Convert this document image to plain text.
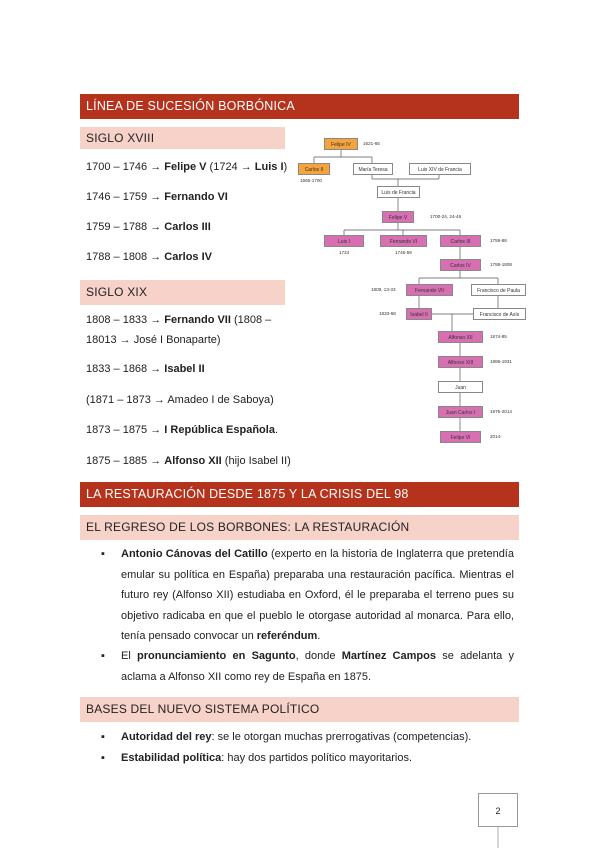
LÍNEA DE SUCESIÓN BORBÓNICA
SIGLO XVIII
1700 – 1746 → Felipe V (1724 → Luis I)
1746 – 1759 → Fernando VI
1759 – 1788 → Carlos III
1788 – 1808 → Carlos IV
SIGLO XIX
1808 – 1833 → Fernando VII (1808 –
18013 → José I Bonaparte)
1833 – 1868 → Isabel II
(1871 – 1873 → Amadeo I de Saboya)
1873 – 1875 → I República Española.
1875 – 1885 → Alfonso XII (hijo Isabel II)
Felipe IV	1621-65
Carlos II
1665-1700
María Teresa	Luis XIV de Francia
Luis de Francia
Felipe V	1700-24, 24-46
Luis I
1724
Fernando VI
1746-59
Carlos III	1759-88
Carlos IV	1788-1808
Fernando VII
1808, 13-33	Francisco de Paula
Isabel II
1833-68	Francisco de Asís
Alfonso XII	1874-85
Alfonso XIII	1886-1931
Juan
Juan Carlos I	1975-2014
Felipe VI	2014-
LA RESTAURACIÓN DESDE 1875 Y LA CRISIS DEL 98
EL REGRESO DE LOS BORBONES: LA RESTAURACIÓN
▪ Antonio Cánovas del Catillo (experto en la historia de Inglaterra que pretendía emular su política en España) preparaba una restauración pacífica. Mientras el futuro rey (Alfonso XII) estudiaba en Oxford, él le preparaba el terreno pues su objetivo radicaba en que el pueblo le otorgase autoridad al monarca. Para ello, tenía pensado convocar un referéndum.
▪ El pronunciamiento en Sagunto, donde Martínez Campos se adelanta y aclama a Alfonso XII como rey de España en 1875.
BASES DEL NUEVO SISTEMA POLÍTICO
▪ Autoridad del rey: se le otorgan muchas prerrogativas (competencias).
▪ Estabilidad política: hay dos partidos político mayoritarios.
2
